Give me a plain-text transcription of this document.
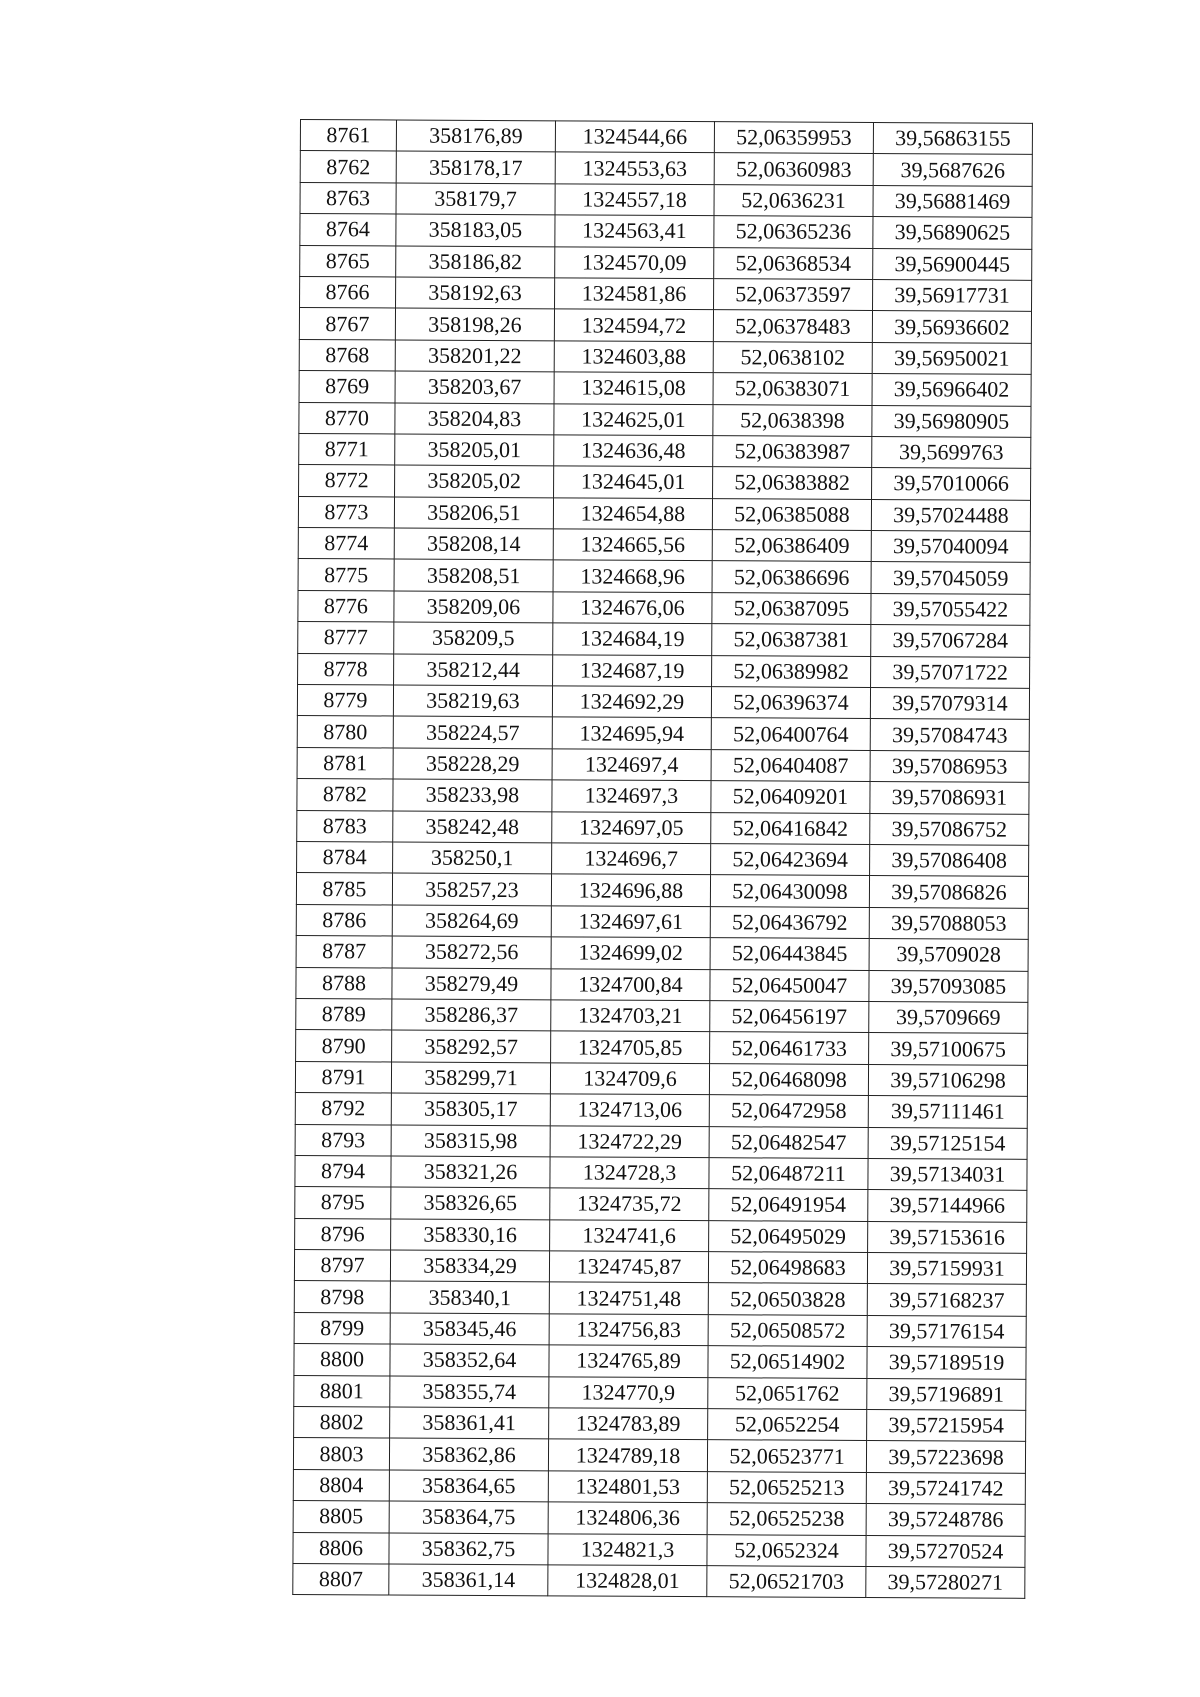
8761	358176,89	1324544,66	52,06359953	39,56863155
8762	358178,17	1324553,63	52,06360983	39,5687626
8763	358179,7	1324557,18	52,0636231	39,56881469
8764	358183,05	1324563,41	52,06365236	39,56890625
8765	358186,82	1324570,09	52,06368534	39,56900445
8766	358192,63	1324581,86	52,06373597	39,56917731
8767	358198,26	1324594,72	52,06378483	39,56936602
8768	358201,22	1324603,88	52,0638102	39,56950021
8769	358203,67	1324615,08	52,06383071	39,56966402
8770	358204,83	1324625,01	52,0638398	39,56980905
8771	358205,01	1324636,48	52,06383987	39,5699763
8772	358205,02	1324645,01	52,06383882	39,57010066
8773	358206,51	1324654,88	52,06385088	39,57024488
8774	358208,14	1324665,56	52,06386409	39,57040094
8775	358208,51	1324668,96	52,06386696	39,57045059
8776	358209,06	1324676,06	52,06387095	39,57055422
8777	358209,5	1324684,19	52,06387381	39,57067284
8778	358212,44	1324687,19	52,06389982	39,57071722
8779	358219,63	1324692,29	52,06396374	39,57079314
8780	358224,57	1324695,94	52,06400764	39,57084743
8781	358228,29	1324697,4	52,06404087	39,57086953
8782	358233,98	1324697,3	52,06409201	39,57086931
8783	358242,48	1324697,05	52,06416842	39,57086752
8784	358250,1	1324696,7	52,06423694	39,57086408
8785	358257,23	1324696,88	52,06430098	39,57086826
8786	358264,69	1324697,61	52,06436792	39,57088053
8787	358272,56	1324699,02	52,06443845	39,5709028
8788	358279,49	1324700,84	52,06450047	39,57093085
8789	358286,37	1324703,21	52,06456197	39,5709669
8790	358292,57	1324705,85	52,06461733	39,57100675
8791	358299,71	1324709,6	52,06468098	39,57106298
8792	358305,17	1324713,06	52,06472958	39,57111461
8793	358315,98	1324722,29	52,06482547	39,57125154
8794	358321,26	1324728,3	52,06487211	39,57134031
8795	358326,65	1324735,72	52,06491954	39,57144966
8796	358330,16	1324741,6	52,06495029	39,57153616
8797	358334,29	1324745,87	52,06498683	39,57159931
8798	358340,1	1324751,48	52,06503828	39,57168237
8799	358345,46	1324756,83	52,06508572	39,57176154
8800	358352,64	1324765,89	52,06514902	39,57189519
8801	358355,74	1324770,9	52,0651762	39,57196891
8802	358361,41	1324783,89	52,0652254	39,57215954
8803	358362,86	1324789,18	52,06523771	39,57223698
8804	358364,65	1324801,53	52,06525213	39,57241742
8805	358364,75	1324806,36	52,06525238	39,57248786
8806	358362,75	1324821,3	52,0652324	39,57270524
8807	358361,14	1324828,01	52,06521703	39,57280271
